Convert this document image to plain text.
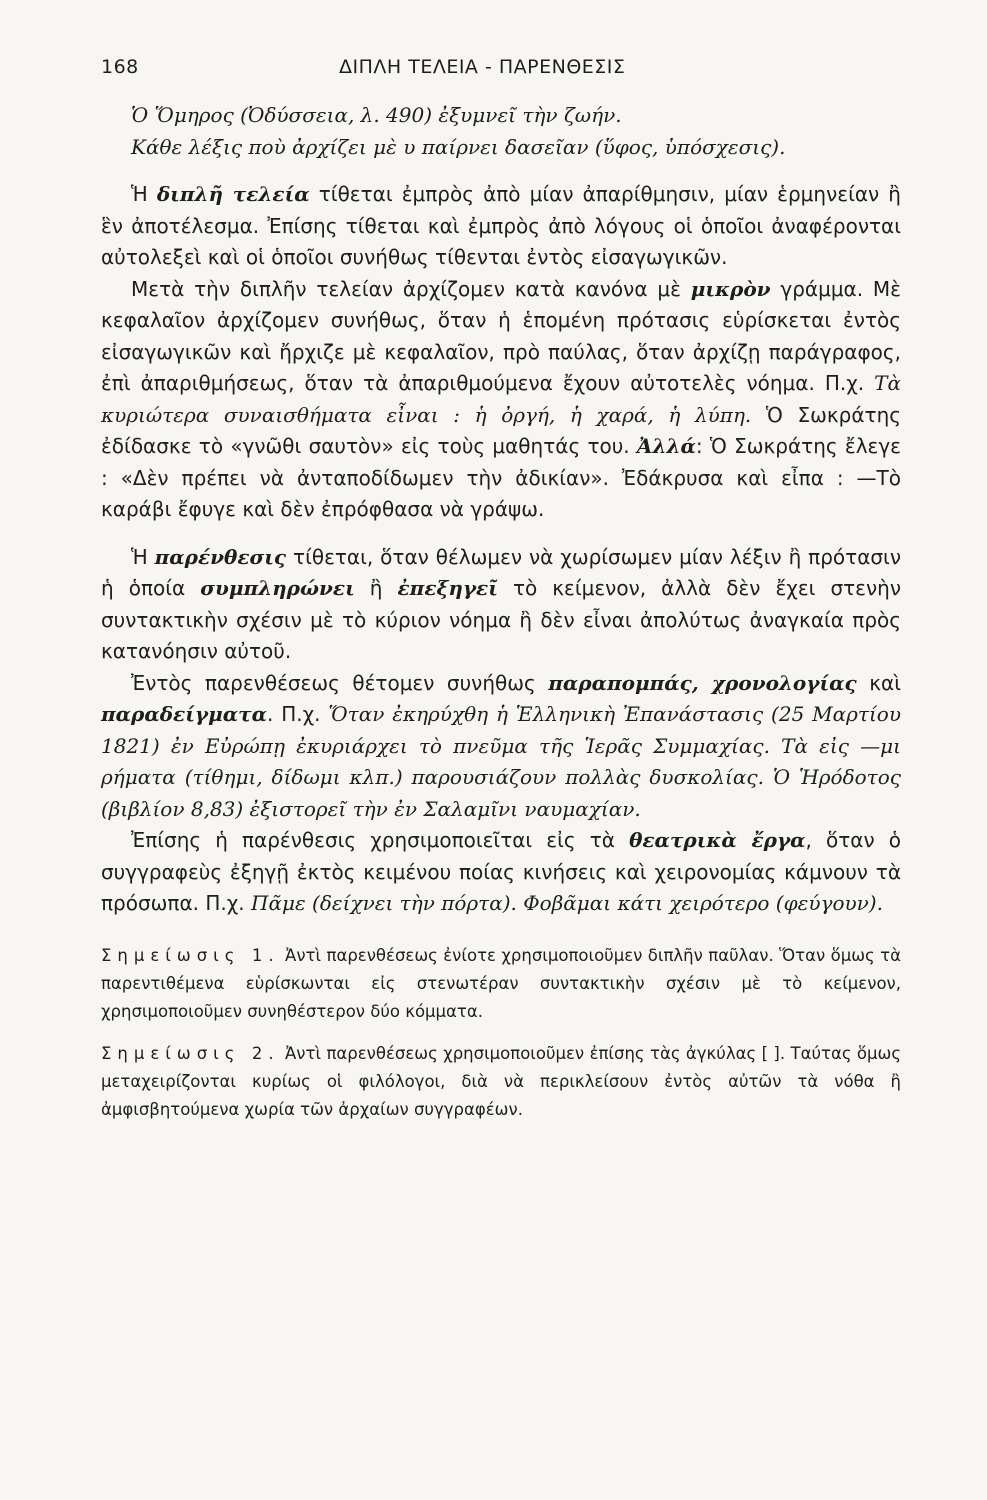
168	ΔΙΠΛΗ ΤΕΛΕΙΑ - ΠΑΡΕΝΘΕΣΙΣ

Ὁ Ὅμηρος (Ὀδύσσεια, λ. 490) ἐξυμνεῖ τὴν ζωήν.

Κάθε λέξις ποὺ ἀρχίζει μὲ υ παίρνει δασεῖαν (ὕφος, ὑπόσχεσις).

Ἡ διπλῆ τελεία τίθεται ἐμπρὸς ἀπὸ μίαν ἀπαρίθμησιν, μίαν ἑρμηνείαν ἢ ἓν ἀποτέλεσμα. Ἐπίσης τίθεται καὶ ἐμπρὸς ἀπὸ λόγους οἱ ὁποῖοι ἀναφέρονται αὐτολεξεὶ καὶ οἱ ὁποῖοι συνήθως τίθενται ἐντὸς εἰσαγωγικῶν.

Μετὰ τὴν διπλῆν τελείαν ἀρχίζομεν κατὰ κανόνα μὲ μικρὸν γράμμα. Μὲ κεφαλαῖον ἀρχίζομεν συνήθως, ὅταν ἡ ἑπομένη πρότασις εὑρίσκεται ἐντὸς εἰσαγωγικῶν καὶ ἤρχιζε μὲ κεφαλαῖον, πρὸ παύλας, ὅταν ἀρχίζῃ παράγραφος, ἐπὶ ἀπαριθμήσεως, ὅταν τὰ ἀπαριθμούμενα ἔχουν αὐτοτελὲς νόημα. Π.χ. Τὰ κυριώτερα συναισθήματα εἶναι : ἡ ὀργή, ἡ χαρά, ἡ λύπη. Ὁ Σωκράτης ἐδίδασκε τὸ «γνῶθι σαυτὸν» εἰς τοὺς μαθητάς του. Ἀλλά: Ὁ Σωκράτης ἔλεγε : «Δὲν πρέπει νὰ ἀνταποδίδωμεν τὴν ἀδικίαν». Ἐδάκρυσα καὶ εἶπα : —Τὸ καράβι ἔφυγε καὶ δὲν ἐπρόφθασα νὰ γράψω.

Ἡ παρένθεσις τίθεται, ὅταν θέλωμεν νὰ χωρίσωμεν μίαν λέξιν ἢ πρότασιν ἡ ὁποία συμπληρώνει ἢ ἐπεξηγεῖ τὸ κείμενον, ἀλλὰ δὲν ἔχει στενὴν συντακτικὴν σχέσιν μὲ τὸ κύριον νόημα ἢ δὲν εἶναι ἀπολύτως ἀναγκαία πρὸς κατανόησιν αὐτοῦ.

Ἐντὸς παρενθέσεως θέτομεν συνήθως παραπομπάς, χρονολογίας καὶ παραδείγματα. Π.χ. Ὅταν ἐκηρύχθη ἡ Ἑλληνικὴ Ἐπανάστασις (25 Μαρτίου 1821) ἐν Εὐρώπῃ ἐκυριάρχει τὸ πνεῦμα τῆς Ἱερᾶς Συμμαχίας. Τὰ εἰς —μι ρήματα (τίθημι, δίδωμι κλπ.) παρουσιάζουν πολλὰς δυσκολίας. Ὁ Ἡρόδοτος (βιβλίον 8,83) ἐξιστορεῖ τὴν ἐν Σαλαμῖνι ναυμαχίαν.

Ἐπίσης ἡ παρένθεσις χρησιμοποιεῖται εἰς τὰ θεατρικὰ ἔργα, ὅταν ὁ συγγραφεὺς ἐξηγῇ ἐκτὸς κειμένου ποίας κινήσεις καὶ χειρονομίας κάμνουν τὰ πρόσωπα. Π.χ. Πᾶμε (δείχνει τὴν πόρτα). Φοβᾶμαι κάτι χειρότερο (φεύγουν).

Σημείωσις 1. Ἀντὶ παρενθέσεως ἐνίοτε χρησιμοποιοῦμεν διπλῆν παῦλαν. Ὅταν ὅμως τὰ παρεντιθέμενα εὑρίσκωνται εἰς στενωτέραν συντακτικὴν σχέσιν μὲ τὸ κείμενον, χρησιμοποιοῦμεν συνηθέστερον δύο κόμματα.

Σημείωσις 2. Ἀντὶ παρενθέσεως χρησιμοποιοῦμεν ἐπίσης τὰς ἀγκύλας [ ]. Ταύτας ὅμως μεταχειρίζονται κυρίως οἱ φιλόλογοι, διὰ νὰ περικλείσουν ἐντὸς αὐτῶν τὰ νόθα ἢ ἀμφισβητούμενα χωρία τῶν ἀρχαίων συγγραφέων.
